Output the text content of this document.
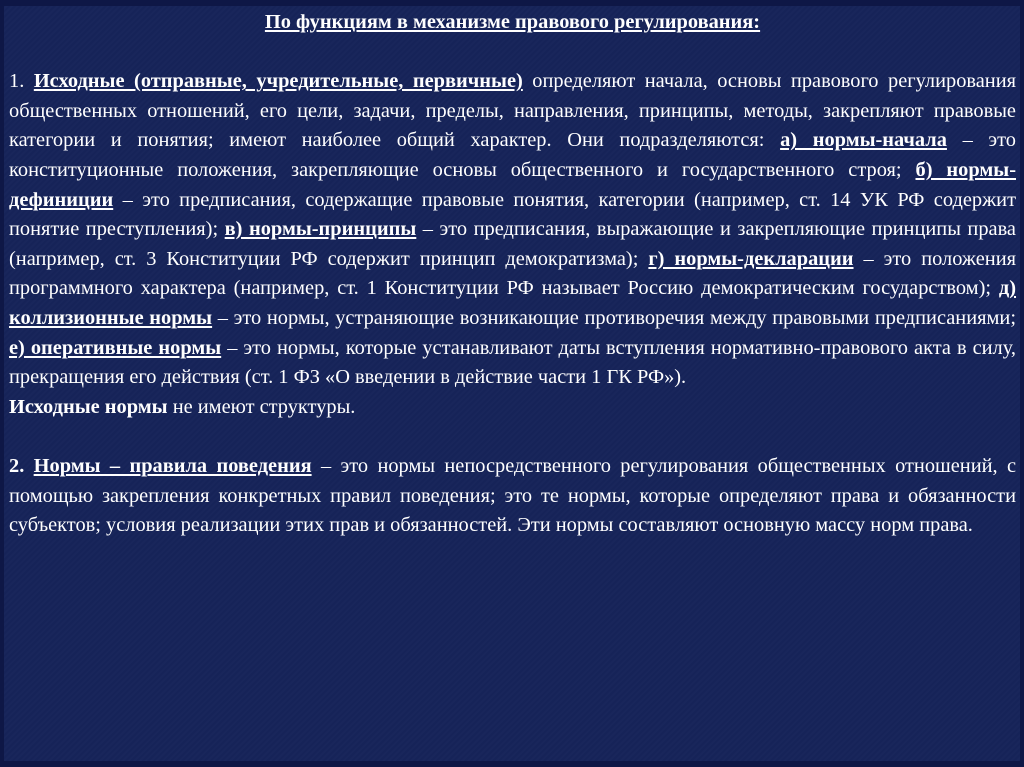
По функциям в механизме правового регулирования:

1. Исходные (отправные, учредительные, первичные) определяют начала, основы правового регулирования общественных отношений, его цели, задачи, пределы, направления, принципы, методы, закрепляют правовые категории и понятия; имеют наиболее общий характер. Они подразделяются: а) нормы-начала – это конституционные положения, закрепляющие основы общественного и государственного строя; б) нормы-дефиниции – это предписания, содержащие правовые понятия, категории (например, ст. 14 УК РФ содержит понятие преступления); в) нормы-принципы – это предписания, выражающие и закрепляющие принципы права (например, ст. 3 Конституции РФ содержит принцип демократизма); г) нормы-декларации – это положения программного характера (например, ст. 1 Конституции РФ называет Россию демократическим государством); д) коллизионные нормы – это нормы, устраняющие возникающие противоречия между правовыми предписаниями; е) оперативные нормы – это нормы, которые устанавливают даты вступления нормативно-правового акта в силу, прекращения его действия (ст. 1 ФЗ «О введении в действие части 1 ГК РФ»).

Исходные нормы не имеют структуры.

2. Нормы – правила поведения – это нормы непосредственного регулирования общественных отношений, с помощью закрепления конкретных правил поведения; это те нормы, которые определяют права и обязанности субъектов; условия реализации этих прав и обязанностей. Эти нормы составляют основную массу норм права.
